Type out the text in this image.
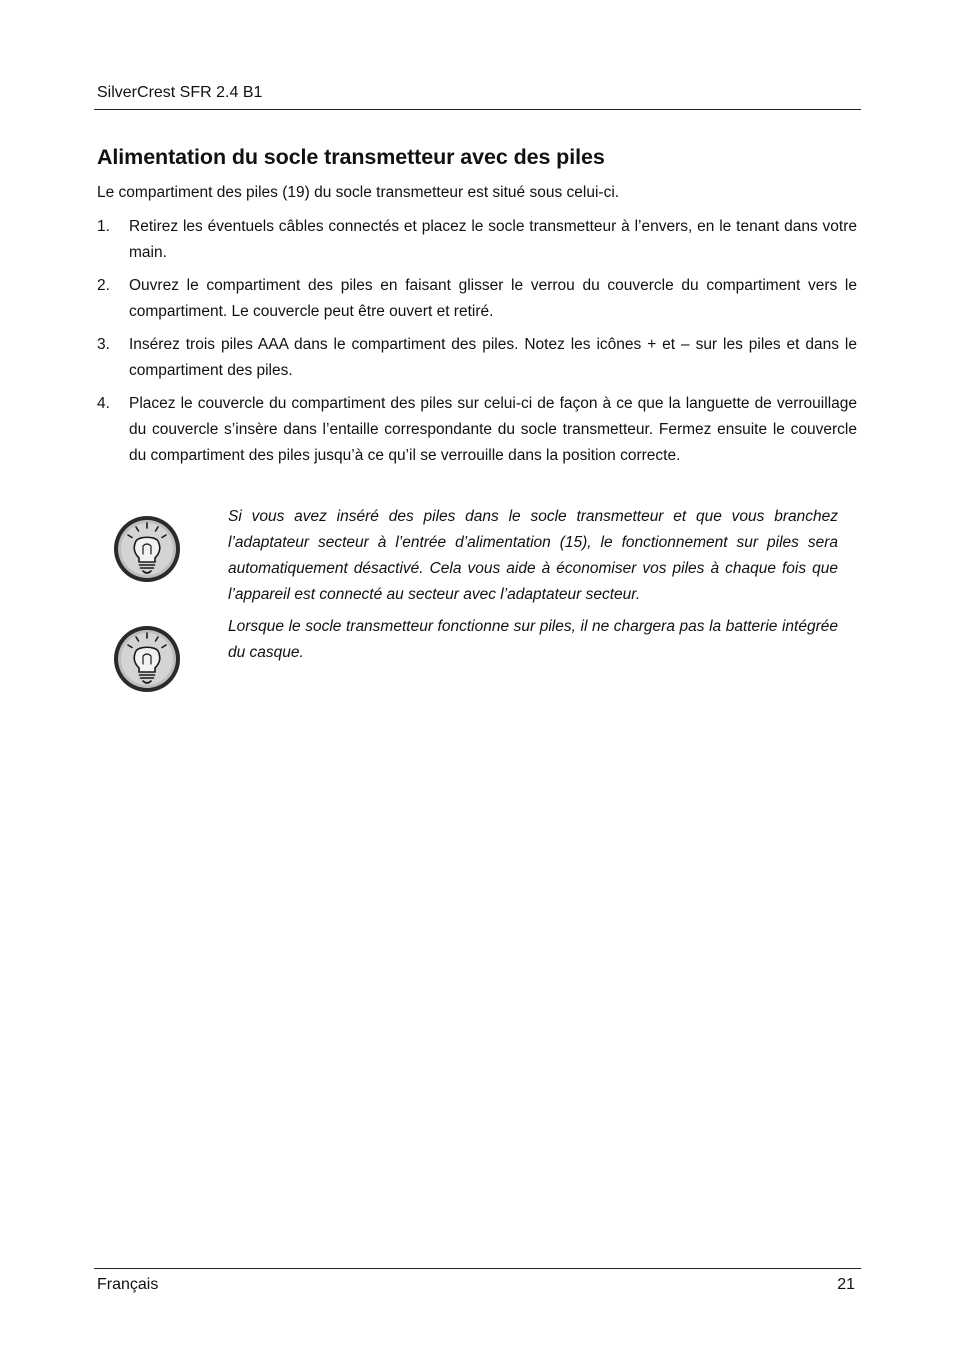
SilverCrest SFR 2.4 B1
Alimentation du socle transmetteur avec des piles
Le compartiment des piles (19) du socle transmetteur est situé sous celui-ci.
1. Retirez les éventuels câbles connectés et placez le socle transmetteur à l’envers, en le tenant dans votre main.
2. Ouvrez le compartiment des piles en faisant glisser le verrou du couvercle du compartiment vers le compartiment. Le couvercle peut être ouvert et retiré.
3. Insérez trois piles AAA dans le compartiment des piles. Notez les icônes + et – sur les piles et dans le compartiment des piles.
4. Placez le couvercle du compartiment des piles sur celui-ci de façon à ce que la languette de verrouillage du couvercle s’insère dans l’entaille correspondante du socle transmetteur. Fermez ensuite le couvercle du compartiment des piles jusqu’à ce qu’il se verrouille dans la position correcte.

Si vous avez inséré des piles dans le socle transmetteur et que vous branchez l’adaptateur secteur à l’entrée d’alimentation (15), le fonctionnement sur piles sera automatiquement désactivé. Cela vous aide à économiser vos piles à chaque fois que l’appareil est connecté au secteur avec l’adaptateur secteur.

Lorsque le socle transmetteur fonctionne sur piles, il ne chargera pas la batterie intégrée du casque.

Français	21
